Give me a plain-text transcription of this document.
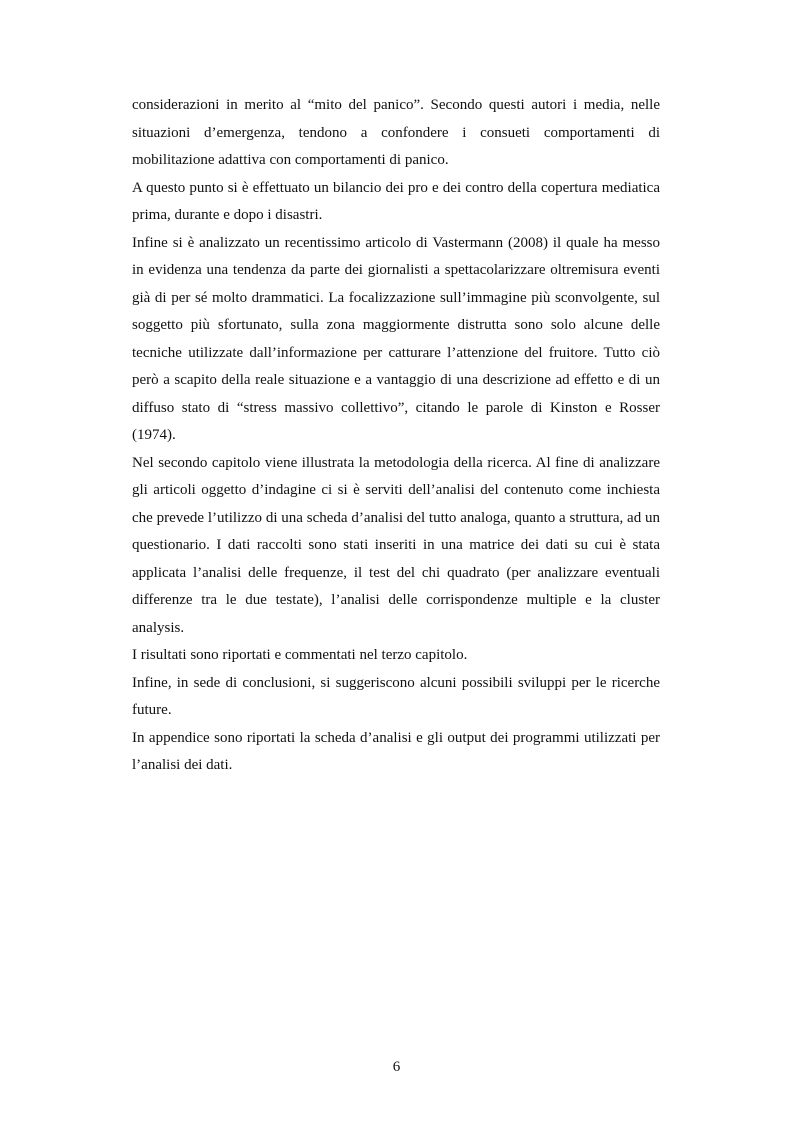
considerazioni in merito al “mito del panico”. Secondo questi autori i media, nelle situazioni d’emergenza, tendono a confondere i consueti comportamenti di mobilitazione adattiva con comportamenti di panico.

A questo punto si è effettuato un bilancio dei pro e dei contro della copertura mediatica prima, durante e dopo i disastri.

Infine si è analizzato un recentissimo articolo di Vastermann (2008) il quale ha messo in evidenza una tendenza da parte dei giornalisti a spettacolarizzare oltremisura eventi già di per sé molto drammatici. La focalizzazione sull’immagine più sconvolgente, sul soggetto più sfortunato, sulla zona maggiormente distrutta sono solo alcune delle tecniche utilizzate dall’informazione per catturare l’attenzione del fruitore. Tutto ciò però a scapito della reale situazione e a vantaggio di una descrizione ad effetto e di un diffuso stato di “stress massivo collettivo”, citando le parole di Kinston e Rosser (1974).

Nel secondo capitolo viene illustrata la metodologia della ricerca. Al fine di analizzare gli articoli oggetto d’indagine ci si è serviti dell’analisi del contenuto come inchiesta che prevede l’utilizzo di una scheda d’analisi del tutto analoga, quanto a struttura, ad un questionario. I dati raccolti sono stati inseriti in una matrice dei dati su cui è stata applicata l’analisi delle frequenze, il test del chi quadrato (per analizzare eventuali differenze tra le due testate), l’analisi delle corrispondenze multiple e la cluster analysis.

I risultati sono riportati e commentati nel terzo capitolo.

Infine, in sede di conclusioni, si suggeriscono alcuni possibili sviluppi per le ricerche future.

In appendice sono riportati la scheda d’analisi e gli output dei programmi utilizzati per l’analisi dei dati.

6
